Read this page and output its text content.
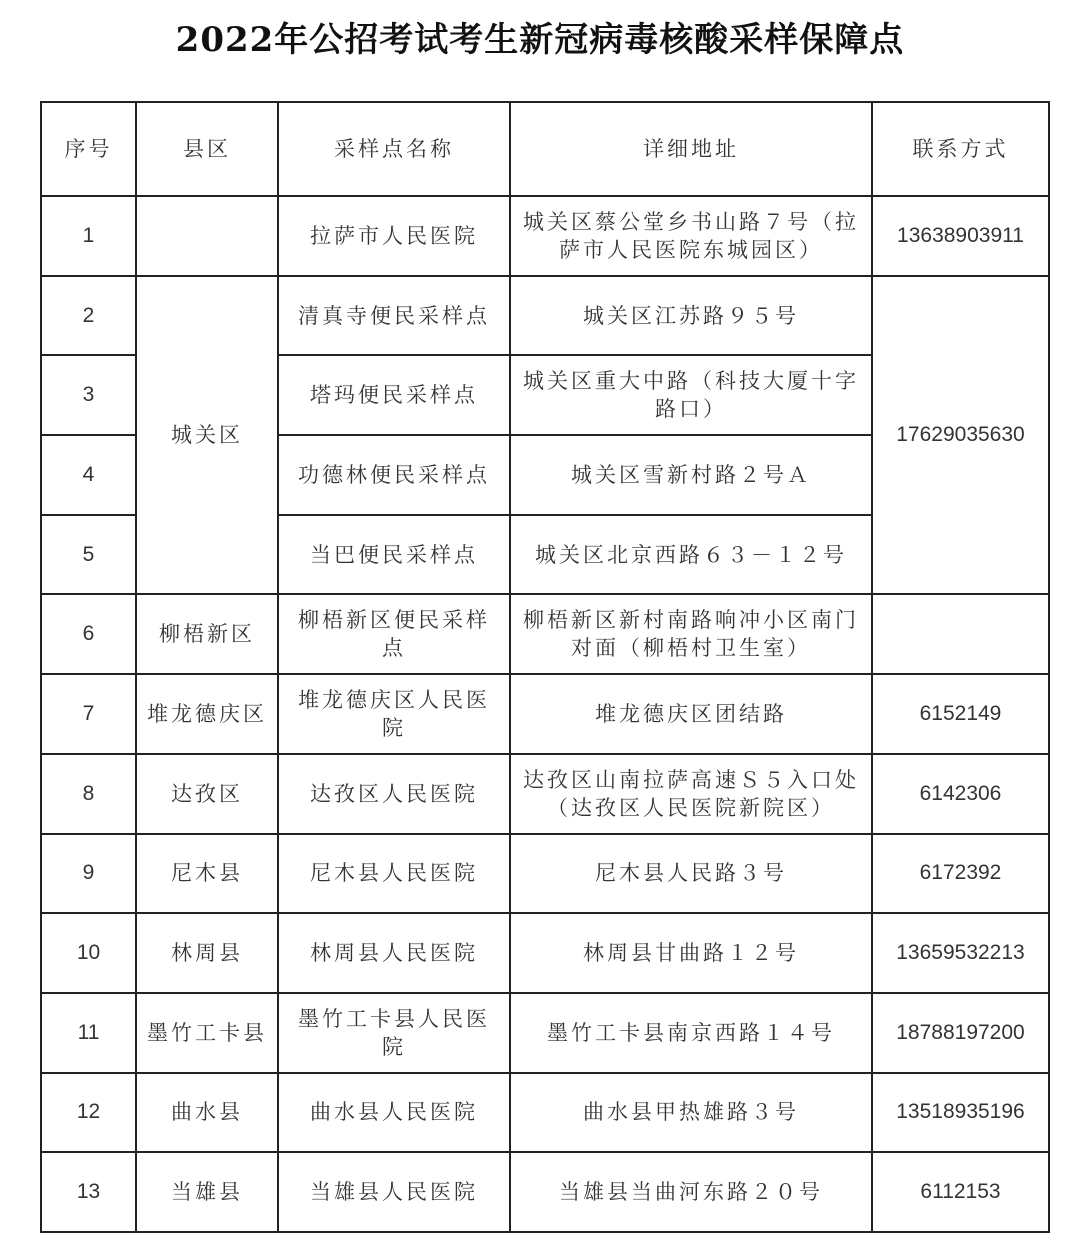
2022年公招考试考生新冠病毒核酸采样保障点
序号	县区	采样点名称	详细地址	联系方式
1		拉萨市人民医院	城关区蔡公堂乡书山路７号（拉萨市人民医院东城园区）	13638903911
2	城关区	清真寺便民采样点	城关区江苏路９５号	17629035630
3		塔玛便民采样点	城关区重大中路（科技大厦十字路口）	
4		功德林便民采样点	城关区雪新村路２号Ａ	
5		当巴便民采样点	城关区北京西路６３－１２号	
6	柳梧新区	柳梧新区便民采样点	柳梧新区新村南路响冲小区南门对面（柳梧村卫生室）	
7	堆龙德庆区	堆龙德庆区人民医院	堆龙德庆区团结路	6152149
8	达孜区	达孜区人民医院	达孜区山南拉萨高速Ｓ５入口处（达孜区人民医院新院区）	6142306
9	尼木县	尼木县人民医院	尼木县人民路３号	6172392
10	林周县	林周县人民医院	林周县甘曲路１２号	13659532213
11	墨竹工卡县	墨竹工卡县人民医院	墨竹工卡县南京西路１４号	18788197200
12	曲水县	曲水县人民医院	曲水县甲热雄路３号	13518935196
13	当雄县	当雄县人民医院	当雄县当曲河东路２０号	6112153
